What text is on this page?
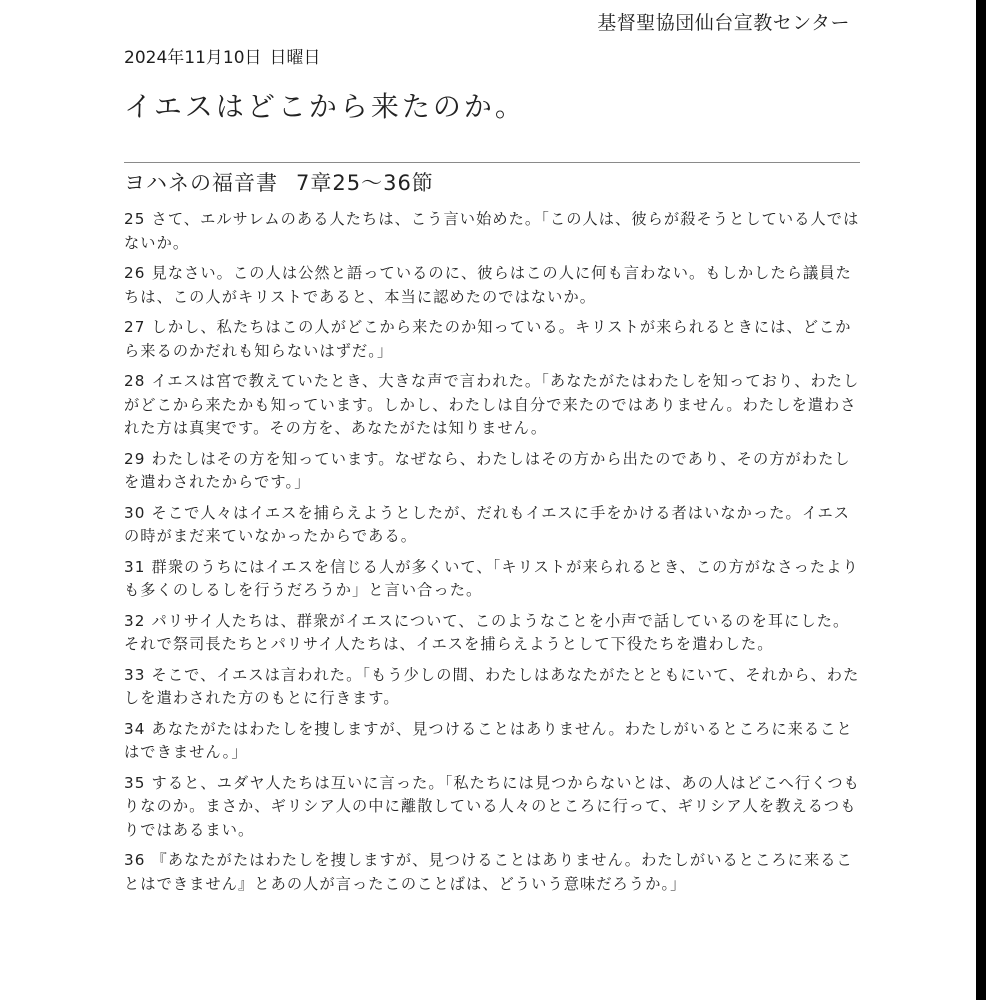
基督聖協団仙台宣教センター
2024年11月10日 日曜日
イエスはどこから来たのか。
ヨハネの福音書 7章25〜36節

25 さて、エルサレムのある人たちは、こう言い始めた。「この人は、彼らが殺そうとしている人ではないか。

26 見なさい。この人は公然と語っているのに、彼らはこの人に何も言わない。もしかしたら議員たちは、この人がキリストであると、本当に認めたのではないか。

27 しかし、私たちはこの人がどこから来たのか知っている。キリストが来られるときには、どこから来るのかだれも知らないはずだ。」

28 イエスは宮で教えていたとき、大きな声で言われた。「あなたがたはわたしを知っており、わたしがどこから来たかも知っています。しかし、わたしは自分で来たのではありません。わたしを遣わされた方は真実です。その方を、あなたがたは知りません。

29 わたしはその方を知っています。なぜなら、わたしはその方から出たのであり、その方がわたしを遣わされたからです。」

30 そこで人々はイエスを捕らえようとしたが、だれもイエスに手をかける者はいなかった。イエスの時がまだ来ていなかったからである。

31 群衆のうちにはイエスを信じる人が多くいて、「キリストが来られるとき、この方がなさったよりも多くのしるしを行うだろうか」と言い合った。

32 パリサイ人たちは、群衆がイエスについて、このようなことを小声で話しているのを耳にした。それで祭司長たちとパリサイ人たちは、イエスを捕らえようとして下役たちを遣わした。

33 そこで、イエスは言われた。「もう少しの間、わたしはあなたがたとともにいて、それから、わたしを遣わされた方のもとに行きます。

34 あなたがたはわたしを捜しますが、見つけることはありません。わたしがいるところに来ることはできません。」

35 すると、ユダヤ人たちは互いに言った。「私たちには見つからないとは、あの人はどこへ行くつもりなのか。まさか、ギリシア人の中に離散している人々のところに行って、ギリシア人を教えるつもりではあるまい。

36 『あなたがたはわたしを捜しますが、見つけることはありません。わたしがいるところに来ることはできません』とあの人が言ったこのことばは、どういう意味だろうか。」
